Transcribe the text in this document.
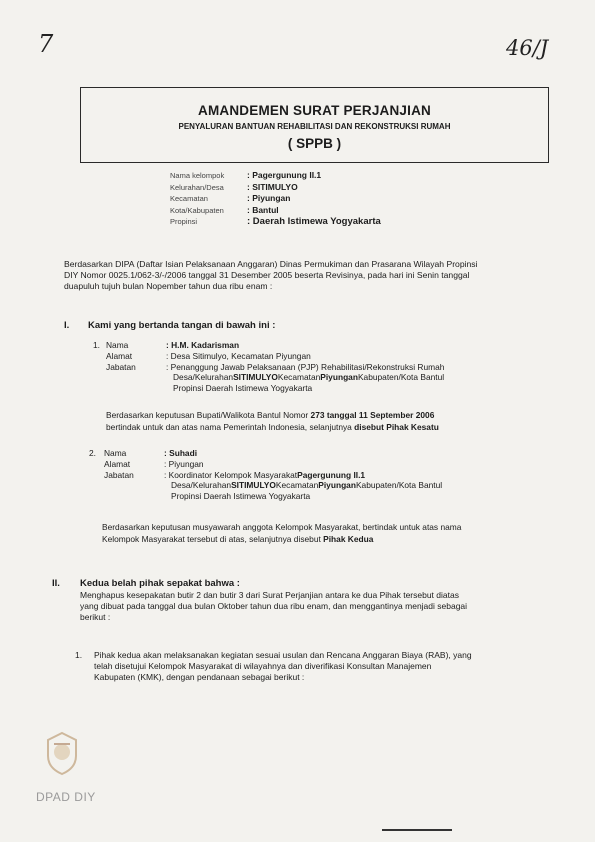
7	46/J
AMANDEMEN SURAT PERJANJIAN
PENYALURAN BANTUAN REHABILITASI DAN REKONSTRUKSI RUMAH
( SPPB )
Nama kelompok	: Pagergunung II.1
Kelurahan/Desa	: SITIMULYO
Kecamatan	: Piyungan
Kota/Kabupaten	: Bantul
Propinsi	: Daerah Istimewa Yogyakarta
Berdasarkan DIPA (Daftar Isian Pelaksanaan Anggaran) Dinas Permukiman dan Prasarana Wilayah Propinsi
DIY Nomor 0025.1/062-3/-/2006 tanggal 31 Desember 2005 beserta Revisinya, pada hari ini Senin tanggal
duapuluh tujuh bulan Nopember tahun dua ribu enam :
I. Kami yang bertanda tangan di bawah ini :
1. Nama	: H.M. Kadarisman
Alamat	: Desa Sitimulyo, Kecamatan Piyungan
Jabatan	: Penanggung Jawab Pelaksanaan (PJP) Rehabilitasi/Rekonstruksi Rumah
Desa/Kelurahan SITIMULYO Kecamatan Piyungan Kabupaten/Kota Bantul
Propinsi Daerah Istimewa Yogyakarta
Berdasarkan keputusan Bupati/Walikota Bantul Nomor 273 tanggal 11 September 2006
bertindak untuk dan atas nama Pemerintah Indonesia, selanjutnya disebut Pihak Kesatu
2. Nama	: Suhadi
Alamat	: Piyungan
Jabatan	: Koordinator Kelompok Masyarakat Pagergunung II.1
Desa/Kelurahan SITIMULYO Kecamatan Piyungan Kabupaten/Kota Bantul
Propinsi Daerah Istimewa Yogyakarta
Berdasarkan keputusan musyawarah anggota Kelompok Masyarakat, bertindak untuk atas nama
Kelompok Masyarakat tersebut di atas, selanjutnya disebut Pihak Kedua
II. Kedua belah pihak sepakat bahwa :
Menghapus kesepakatan butir 2 dan butir 3 dari Surat Perjanjian antara ke dua Pihak tersebut diatas
yang dibuat pada tanggal dua bulan Oktober tahun dua ribu enam, dan menggantinya menjadi sebagai
berikut :
1. Pihak kedua akan melaksanakan kegiatan sesuai usulan dan Rencana Anggaran Biaya (RAB), yang
telah disetujui Kelompok Masyarakat di wilayahnya dan diverifikasi Konsultan Manajemen
Kabupaten (KMK), dengan pendanaan sebagai berikut :
DPAD DIY
